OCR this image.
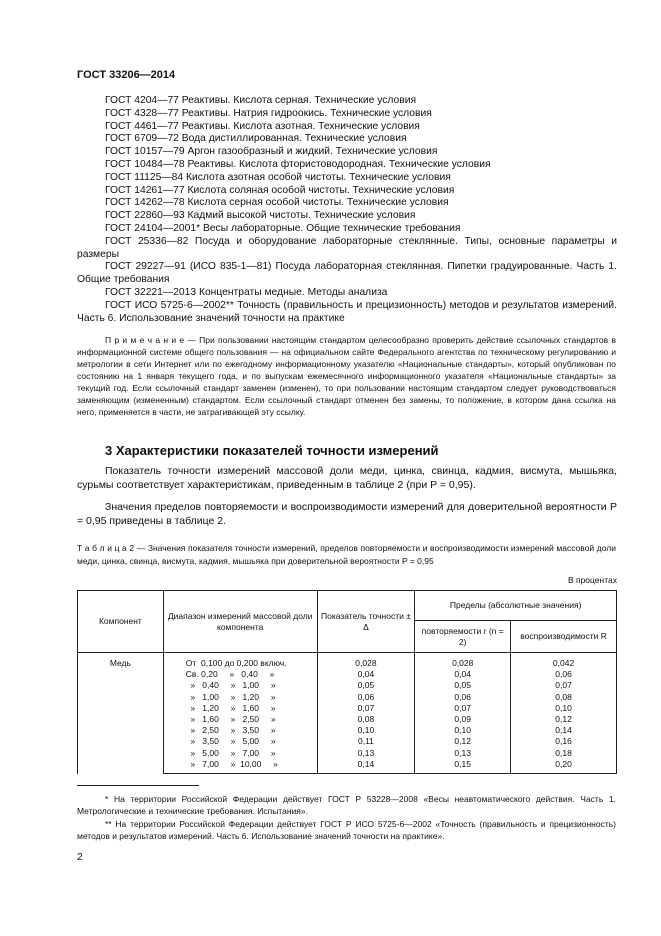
ГОСТ 33206—2014
ГОСТ 4204—77 Реактивы. Кислота серная. Технические условия
ГОСТ 4328—77 Реактивы. Натрия гидроокись. Технические условия
ГОСТ 4461—77 Реактивы. Кислота азотная. Технические условия
ГОСТ 6709—72 Вода дистиллированная. Технические условия
ГОСТ 10157—79 Аргон газообразный и жидкий. Технические условия
ГОСТ 10484—78 Реактивы. Кислота фтористоводородная. Технические условия
ГОСТ 11125—84 Кислота азотная особой чистоты. Технические условия
ГОСТ 14261—77 Кислота соляная особой чистоты. Технические условия
ГОСТ 14262—78 Кислота серная особой чистоты. Технические условия
ГОСТ 22860—93 Кадмий высокой чистоты. Технические условия
ГОСТ 24104—2001* Весы лабораторные. Общие технические требования
ГОСТ 25336—82 Посуда и оборудование лабораторные стеклянные. Типы, основные параметры и размеры
ГОСТ 29227—91 (ИСО 835-1—81) Посуда лабораторная стеклянная. Пипетки градуированные. Часть 1. Общие требования
ГОСТ 32221—2013 Концентраты медные. Методы анализа
ГОСТ ИСО 5725-6—2002** Точность (правильность и прецизионность) методов и результатов измерений. Часть 6. Использование значений точности на практике
П р и м е ч а н и е — При пользовании настоящим стандартом целесообразно проверить действие ссылочных стандартов в информационной системе общего пользования — на официальном сайте Федерального агентства по техническому регулированию и метрологии в сети Интернет или по ежегодному информационному указателю «Национальные стандарты», который опубликован по состоянию на 1 января текущего года, и по выпускам ежемесячного информационного указателя «Национальные стандарты» за текущий год. Если ссылочный стандарт заменен (изменен), то при пользовании настоящим стандартом следует руководствоваться заменяющим (измененным) стандартом. Если ссылочный стандарт отменен без замены, то положение, в котором дана ссылка на него, применяется в части, не затрагивающей эту ссылку.
3 Характеристики показателей точности измерений
Показатель точности измерений массовой доли меди, цинка, свинца, кадмия, висмута, мышьяка, сурьмы соответствует характеристикам, приведенным в таблице 2 (при P = 0,95).
Значения пределов повторяемости и воспроизводимости измерений для доверительной вероятности P = 0,95 приведены в таблице 2.
Т а б л и ц а 2 — Значения показателя точности измерений, пределов повторяемости и воспроизводимости измерений массовой доли меди, цинка, свинца, висмута, кадмия, мышьяка при доверительной вероятности P = 0,95
В процентах
Компонент	Диапазон измерений массовой доли компонента	Показатель точности ± Δ	Пределы (абсолютные значения)	
			повторяемости r (n = 2)	воспроизводимости R
Медь	От  0,100 до 0,200 включ.	0,028	0,028	0,042
	Св. 0,20     »   0,40     »	0,04	0,04	0,06
	»   0,40     »   1,00     »	0,05	0,05	0,07
	»   1,00     »   1,20     »	0,06	0,06	0,08
	»   1,20     »   1,60     »	0,07	0,07	0,10
	»   1,60     »   2,50     »	0,08	0,09	0,12
	»   2,50     »   3,50     »	0,10	0,10	0,14
	»   3,50     »   5,00     »	0,11	0,12	0,16
	»   5,00     »   7,00     »	0,13	0,13	0,18
	»   7,00     »  10,00     »	0,14	0,15	0,20
* На территории Российской Федерации действует ГОСТ Р 53228—2008 «Весы неавтоматического действия. Часть 1. Метрологические и технические требования. Испытания».
** На территории Российской Федерации действует ГОСТ Р ИСО 5725-6—2002 «Точность (правильность и прецизионность) методов и результатов измерений. Часть 6. Использование значений точности на практике».
2
